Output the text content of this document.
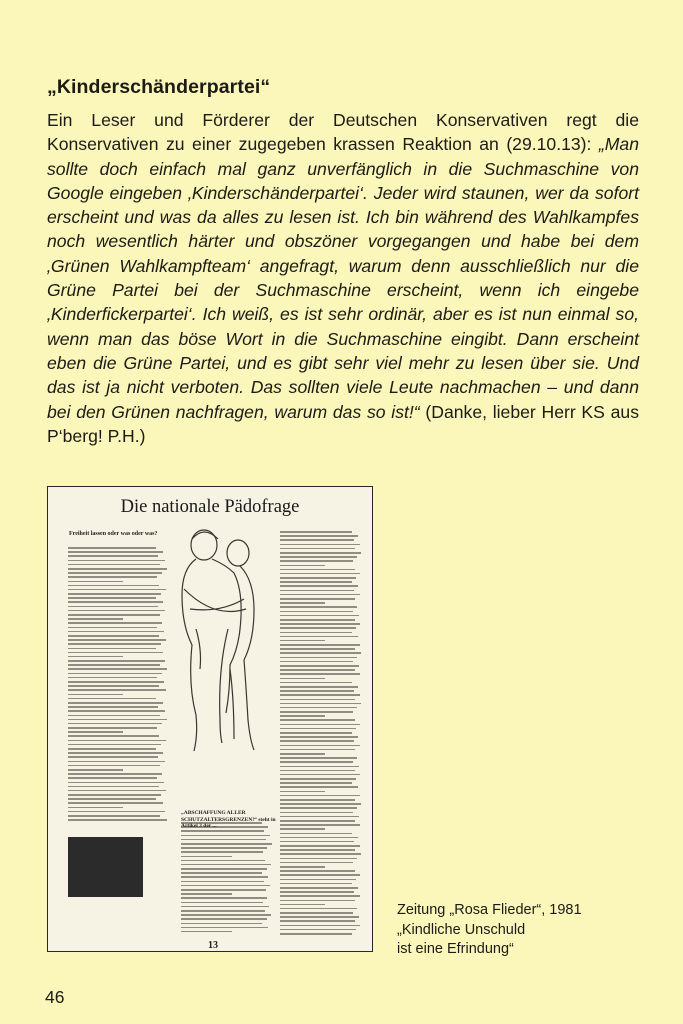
„Kinderschänderpartei“
Ein Leser und Förderer der Deutschen Konservativen regt die Konservativen zu einer zugegeben krassen Reaktion an (29.10.13): „Man sollte doch einfach mal ganz unverfänglich in die Suchmaschine von Google eingeben ‚Kinderschänderpartei‘. Jeder wird staunen, wer da sofort erscheint und was da alles zu lesen ist. Ich bin während des Wahlkampfes noch wesentlich härter und obszöner vorgegangen und habe bei dem ‚Grünen Wahlkampfteam‘ angefragt, warum denn ausschließlich nur die Grüne Partei bei der Suchmaschine erscheint, wenn ich eingebe ‚Kinderfickerpartei‘. Ich weiß, es ist sehr ordinär, aber es ist nun einmal so, wenn man das böse Wort in die Suchmaschine eingibt. Dann erscheint eben die Grüne Partei, und es gibt sehr viel mehr zu lesen über sie. Und das ist ja nicht verboten. Das sollten viele Leute nachmachen – und dann bei den Grünen nachfragen, warum das so ist!“ (Danke, lieber Herr KS aus P‘berg! P.H.)
Die nationale Pädofrage
Freiheit lassen oder was oder was?
„ABSCHAFFUNG ALLER SCHUTZALTERSGRENZEN!“ steht in Artikel 3 der ...
13
Zeitung „Rosa Flieder“, 1981
„Kindliche Unschuld
ist eine Efrindung“
46
